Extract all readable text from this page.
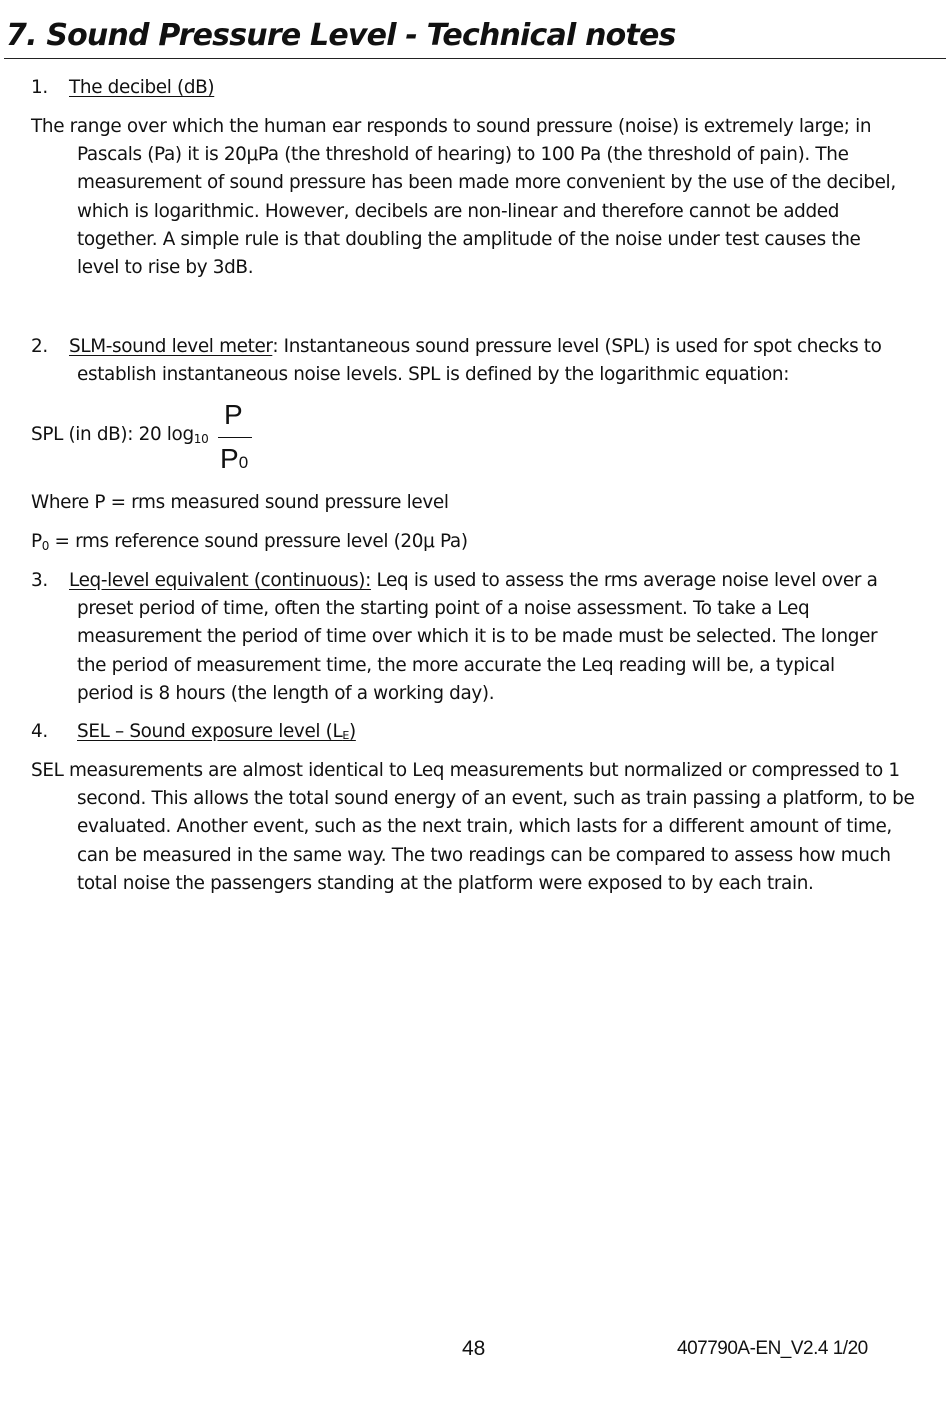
7. Sound Pressure Level - Technical notes
1. The decibel (dB)
The range over which the human ear responds to sound pressure (noise) is extremely large; in
Pascals (Pa) it is 20μPa (the threshold of hearing) to 100 Pa (the threshold of pain). The
measurement of sound pressure has been made more convenient by the use of the decibel,
which is logarithmic. However, decibels are non-linear and therefore cannot be added
together. A simple rule is that doubling the amplitude of the noise under test causes the
level to rise by 3dB.
2. SLM-sound level meter: Instantaneous sound pressure level (SPL) is used for spot checks to
establish instantaneous noise levels. SPL is defined by the logarithmic equation:
SPL (in dB): 20 log10
P
P0
Where P = rms measured sound pressure level
P0 = rms reference sound pressure level (20μ Pa)
3. Leq-level equivalent (continuous): Leq is used to assess the rms average noise level over a
preset period of time, often the starting point of a noise assessment. To take a Leq
measurement the period of time over which it is to be made must be selected. The longer
the period of measurement time, the more accurate the Leq reading will be, a typical
period is 8 hours (the length of a working day).
4. SEL – Sound exposure level (LE)
SEL measurements are almost identical to Leq measurements but normalized or compressed to 1
second. This allows the total sound energy of an event, such as train passing a platform, to be
evaluated. Another event, such as the next train, which lasts for a different amount of time,
can be measured in the same way. The two readings can be compared to assess how much
total noise the passengers standing at the platform were exposed to by each train.
48	407790A-EN_V2.4 1/20
